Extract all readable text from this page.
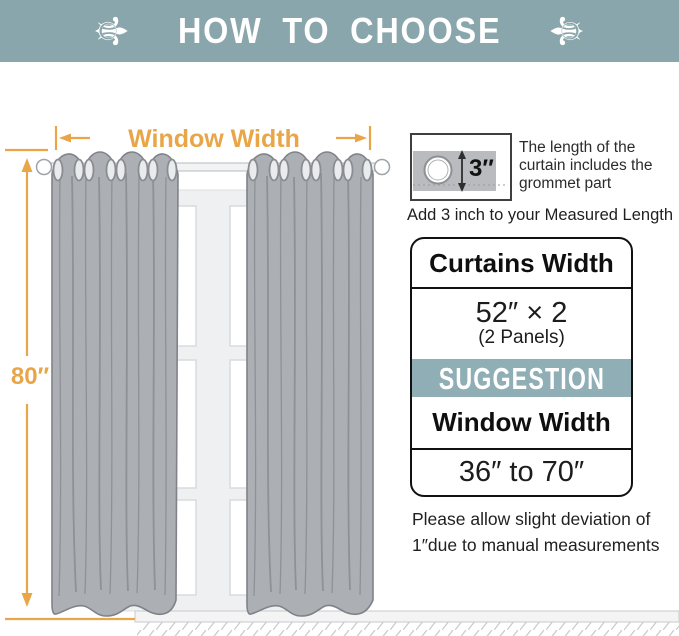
⚜ HOW TO CHOOSE ⚜
Window Width
80″
3″
The length of the curtain includes the grommet part
Add 3 inch to your Measured Length
Curtains Width
52″ × 2
(2 Panels)
SUGGESTION
Window Width
36″ to 70″
Please allow slight deviation of 1″due to manual measurements
